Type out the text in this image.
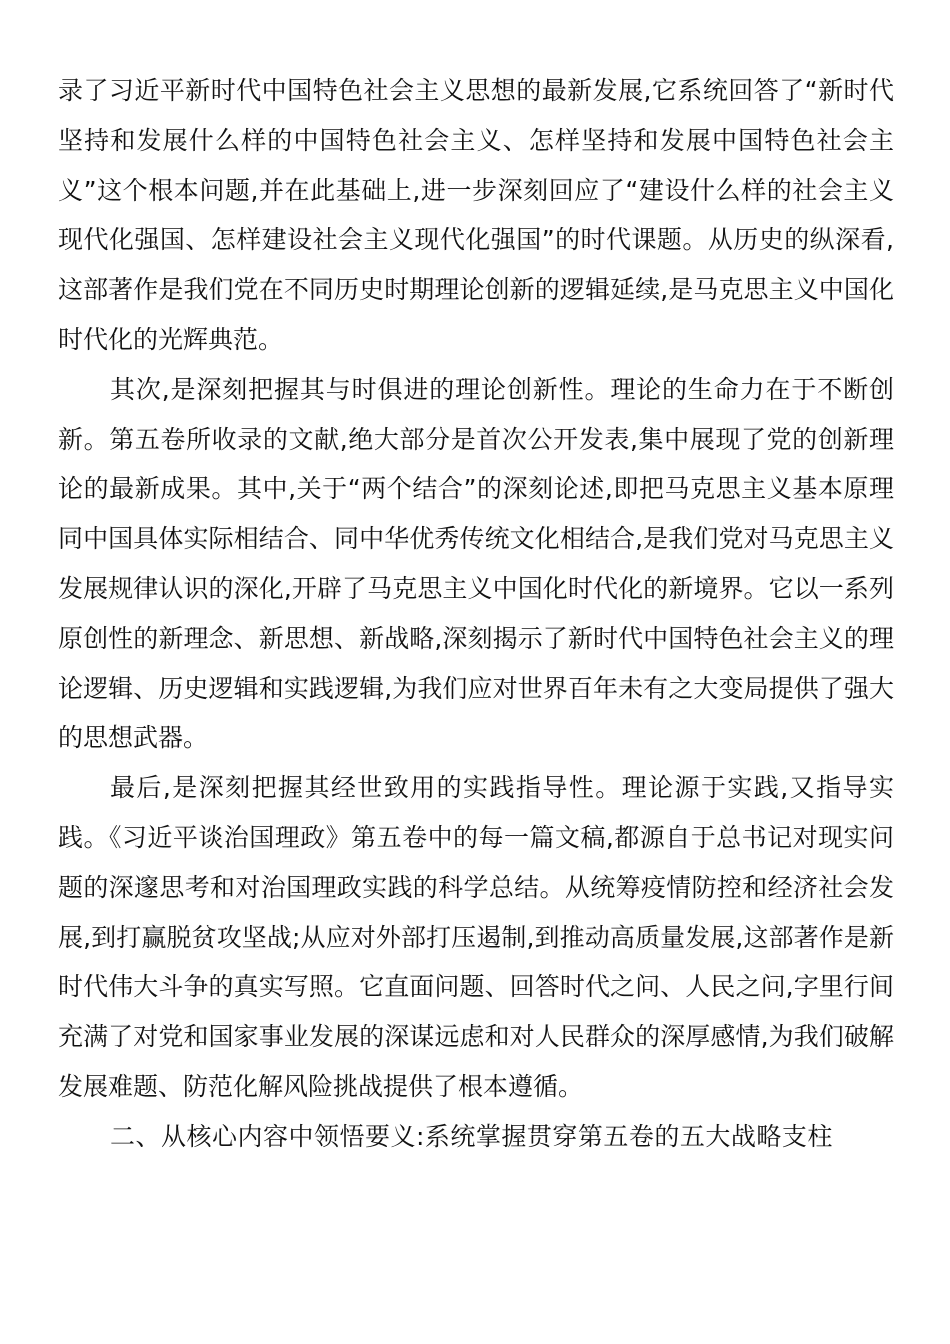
录了习近平新时代中国特色社会主义思想的最新发展,它系统回答了“新时代坚持和发展什么样的中国特色社会主义、怎样坚持和发展中国特色社会主义”这个根本问题,并在此基础上,进一步深刻回应了“建设什么样的社会主义现代化强国、怎样建设社会主义现代化强国”的时代课题。从历史的纵深看,这部著作是我们党在不同历史时期理论创新的逻辑延续,是马克思主义中国化时代化的光辉典范。

其次,是深刻把握其与时俱进的理论创新性。理论的生命力在于不断创新。第五卷所收录的文献,绝大部分是首次公开发表,集中展现了党的创新理论的最新成果。其中,关于“两个结合”的深刻论述,即把马克思主义基本原理同中国具体实际相结合、同中华优秀传统文化相结合,是我们党对马克思主义发展规律认识的深化,开辟了马克思主义中国化时代化的新境界。它以一系列原创性的新理念、新思想、新战略,深刻揭示了新时代中国特色社会主义的理论逻辑、历史逻辑和实践逻辑,为我们应对世界百年未有之大变局提供了强大的思想武器。

最后,是深刻把握其经世致用的实践指导性。理论源于实践,又指导实践。《习近平谈治国理政》第五卷中的每一篇文稿,都源自于总书记对现实问题的深邃思考和对治国理政实践的科学总结。从统筹疫情防控和经济社会发展,到打赢脱贫攻坚战;从应对外部打压遏制,到推动高质量发展,这部著作是新时代伟大斗争的真实写照。它直面问题、回答时代之问、人民之问,字里行间充满了对党和国家事业发展的深谋远虑和对人民群众的深厚感情,为我们破解发展难题、防范化解风险挑战提供了根本遵循。

二、从核心内容中领悟要义:系统掌握贯穿第五卷的五大战略支柱
